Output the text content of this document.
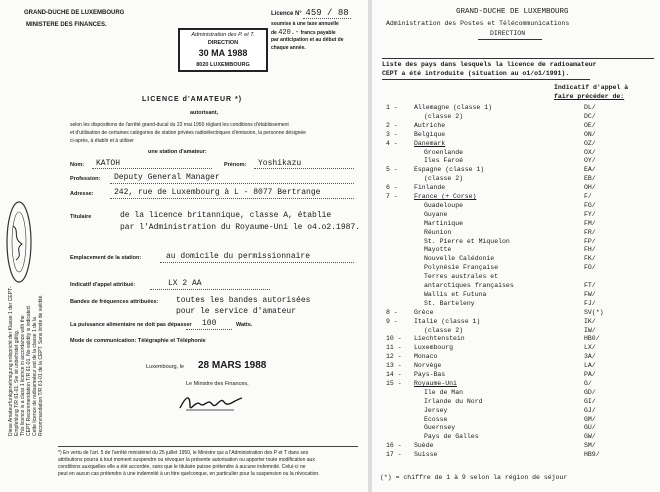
GRAND-DUCHE DE LUXEMBOURG
MINISTERE DES FINANCES.
Administration des P. et T.
DIRECTION
30 MA 1988
8020 LUXEMBOURG
Licence N° 459 / 88
soumise à une taxe annuelle
de 420.- francs payable
par anticipation et au début de
chaque année.
LICENCE d'AMATEUR *)
autorisant,
selon les dispositions de l'arrêté grand-ducal du 22 mai 1950 réglant les conditions d'établissement
et d'utilisation de certaines catégories de station privées radioélectriques d'émission, la personne désignée
ci-après, à établir et à utiliser
une station d'amateur:
Nom: KATOH	Prénom: Yoshikazu
Profession: Deputy General Manager
Adresse:	242, rue de Luxembourg à L - 8077 Bertrange
Titulaire	de la licence britannique, classe A, établie
par l'Administration du Royaume-Uni le o4.o2.1987.
Emplacement de la station:	au domicile du permissionnaire
Indicatif d'appel attribué:	LX 2 AA
Bandes de fréquences attribuées: toutes les bandes autorisées
pour le service d'amateur
La puissance alimentaire ne doit pas dépasser 100	Watts.
Mode de communication: Télégraphie et Téléphonie
Luxembourg, le 28 MARS 1988
Le Ministre des Finances,
Diese Amateurfunkgenehmigung entspricht der Klasse 1 der CEPT- Empfehlung T/R 61-01. Sie ist unbefristet gültig. This licence is a class 1 licence in accordance with the CEPT Recommendation T/R 61-01. No validity is indicated. Cette licence de radioamateur est de la classe 1 de la Recommandation T/R 61-01 de la CEPT. Sans limite de validité.
*) En vertu de l'art. 5 de l'arrêté ministériel du 25 juillet 1950, le Ministre qui a l'Administration des P et T dans ses
attributions pourra à tout moment suspendre ou révoquer la présente autorisation ou apporter toute modification aux
conditions auxquelles elle a été accordée, sans que le titulaire puisse prétendre à aucune indemnité. Celui-ci ne
peut en aucun cas prétendre à une indemnité à un titre quelconque, en particulier pour la suspension ou la révocation.
GRAND-DUCHE DE LUXEMBOURG
Administration des Postes et Télécommunications
DIRECTION
Liste des pays dans lesquels la licence de radioamateur
CEPT a été introduite (situation au o1/o1/1991).
Indicatif d'appel à
faire précéder de:
1 -	Allemagne (classe 1)	DL/
(classe 2)	DC/
2 -	Autriche	OE/
3 -	Belgique	ON/
4 -	Danemark	OZ/
Groenlande	OX/
Iles Faroé	OY/
5 -	Espagne (classe 1)	EA/
(classe 2)	EB/
6 -	Finlande	OH/
7 -	France (+ Corse)	F/
Guadeloupe	FG/
Guyane	FY/
Martinique	FM/
Réunion	FR/
St. Pierre et Miquelon	FP/
Mayotte	FH/
Nouvelle Calédonie	FK/
Polynésie Française	FO/
Terres australes et
antarctiques françaises	FT/
Wallis et Futuna	FW/
St. Barteleny	FJ/
8 -	Grèce	SV(*)
9 -	Italie (classe 1)	IK/
(classe 2)	IW/
10 - Liechtenstein	HB0/
11 - Luxembourg	LX/
12 - Monaco	3A/
13 - Norvège	LA/
14 - Pays-Bas	PA/
15 - Royaume-Uni	G/
Ile de Man	GD/
Irlande du Nord	GI/
Jersey	GJ/
Ecosse	GM/
Guernsey	GU/
Pays de Galles	GW/
16 - Suède	SM/
17 - Suisse	HB9/
(*) = chiffre de 1 à 9 selon la région de séjour
